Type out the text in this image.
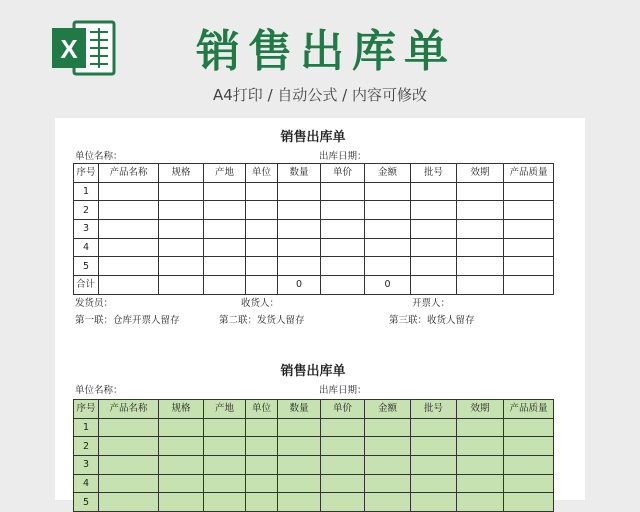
X	销售出库单
A4打印 / 自动公式 / 内容可修改
销售出库单
单位名称：	出库日期：
序号	产品名称	规格	产地	单位	数量	单价	金额	批号	效期	产品质量
1										
2										
3										
4										
5										
合计					0		0			
发货员：	收货人：	开票人：
第一联：仓库开票人留存	第二联：发货人留存	第三联：收货人留存
销售出库单
单位名称：	出库日期：
序号	产品名称	规格	产地	单位	数量	单价	金额	批号	效期	产品质量
1										
2										
3										
4										
5										
